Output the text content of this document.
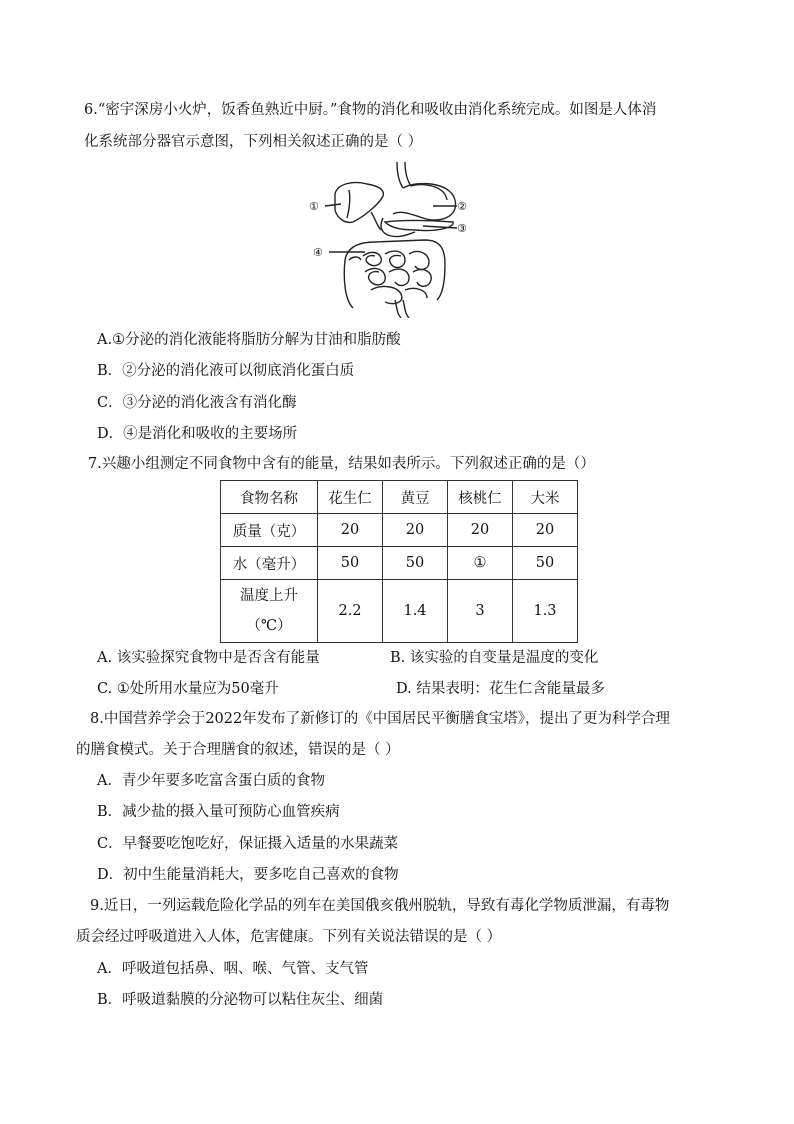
6.“密宇深房小火炉，饭香鱼熟近中厨。”食物的消化和吸收由消化系统完成。如图是人体消
化系统部分器官示意图，下列相关叙述正确的是（ ）
①	②
③
④
A.①分泌的消化液能将脂肪分解为甘油和脂肪酸
B．②分泌的消化液可以彻底消化蛋白质
C．③分泌的消化液含有消化酶
D．④是消化和吸收的主要场所
7.兴趣小组测定不同食物中含有的能量，结果如表所示。下列叙述正确的是（）
食物名称	花生仁	黄豆	核桃仁	大米
质量（克）	20	20	20	20
水（毫升）	50	50	①	50

温度上升
（℃）	2.2	1.4	3	1.3
A. 该实验探究食物中是否含有能量	B. 该实验的自变量是温度的变化
C. ①处所用水量应为50毫升	D. 结果表明：花生仁含能量最多
8.中国营养学会于2022年发布了新修订的《中国居民平衡膳食宝塔》，提出了更为科学合理
的膳食模式。关于合理膳食的叙述，错误的是（ ）
A．青少年要多吃富含蛋白质的食物
B．减少盐的摄入量可预防心血管疾病
C．早餐要吃饱吃好，保证摄入适量的水果蔬菜
D．初中生能量消耗大，要多吃自己喜欢的食物
9.近日，一列运载危险化学品的列车在美国俄亥俄州脱轨，导致有毒化学物质泄漏，有毒物
质会经过呼吸道进入人体，危害健康。下列有关说法错误的是（ ）
A．呼吸道包括鼻、咽、喉、气管、支气管
B．呼吸道黏膜的分泌物可以粘住灰尘、细菌
